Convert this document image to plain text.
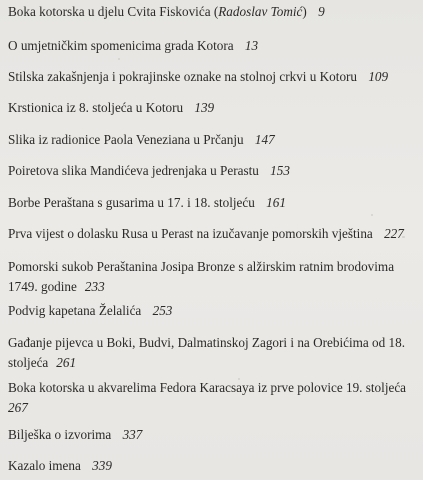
Boka kotorska u djelu Cvita Fiskovića (Radoslav Tomić) 9
O umjetničkim spomenicima grada Kotora 13
Stilska zakašnjenja i pokrajinske oznake na stolnoj crkvi u Kotoru 109
Krstionica iz 8. stoljeća u Kotoru 139
Slika iz radionice Paola Veneziana u Prčanju 147
Poiretova slika Mandićeva jedrenjaka u Perastu 153
Borbe Peraštana s gusarima u 17. i 18. stoljeću 161
Prva vijest o dolasku Rusa u Perast na izučavanje pomorskih vještina 227
Pomorski sukob Peraštanina Josipa Bronze s alžirskim ratnim brodovima
1749. godine 233
Podvig kapetana Želalića 253
Gađanje pijevca u Boki, Budvi, Dalmatinskoj Zagori i na Orebićima od 18.
stoljeća 261
Boka kotorska u akvarelima Fedora Karacsaya iz prve polovice 19. stoljeća
267
Bilješka o izvorima 337
Kazalo imena 339
